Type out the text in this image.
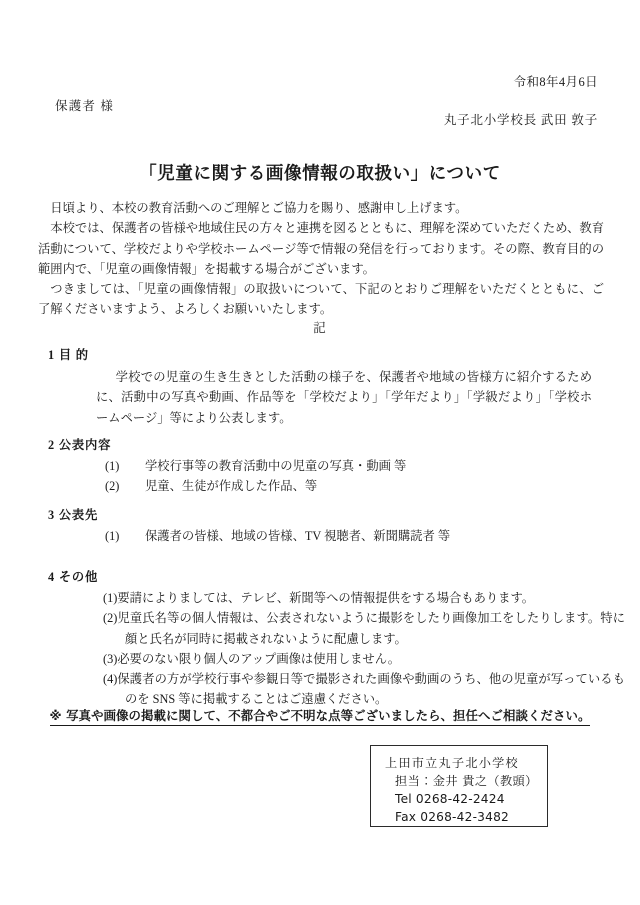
令和8年4月6日
保護者 様
丸子北小学校長 武田 敦子
「児童に関する画像情報の取扱い」について

日頃より、本校の教育活動へのご理解とご協力を賜り、感謝申し上げます。

本校では、保護者の皆様や地域住民の方々と連携を図るとともに、理解を深めていただくため、教育活動について、学校だよりや学校ホームページ等で情報の発信を行っております。その際、教育目的の範囲内で、「児童の画像情報」を掲載する場合がございます。

つきましては、「児童の画像情報」の取扱いについて、下記のとおりご理解をいただくとともに、ご了解くださいますよう、よろしくお願いいたします。

記
1 目 的
学校での児童の生き生きとした活動の様子を、保護者や地域の皆様方に紹介するために、活動中の写真や動画、作品等を「学校だより」「学年だより」「学級だより」「学校ホームページ」等により公表します。
2 公表内容
(1) 学校行事等の教育活動中の児童の写真・動画 等
(2) 児童、生徒が作成した作品、等
3 公表先
(1) 保護者の皆様、地域の皆様、TV 視聴者、新聞購読者 等
4 その他
(1)要請によりましては、テレビ、新聞等への情報提供をする場合もあります。
(2)児童氏名等の個人情報は、公表されないように撮影をしたり画像加工をしたりします。特に顔と氏名が同時に掲載されないように配慮します。
(3)必要のない限り個人のアップ画像は使用しません。
(4)保護者の方が学校行事や参観日等で撮影された画像や動画のうち、他の児童が写っているものを SNS 等に掲載することはご遠慮ください。
※ 写真や画像の掲載に関して、不都合やご不明な点等ございましたら、担任へご相談ください。
上田市立丸子北小学校
担当：金井 貴之（教頭）
Tel 0268-42-2424
Fax 0268-42-3482
